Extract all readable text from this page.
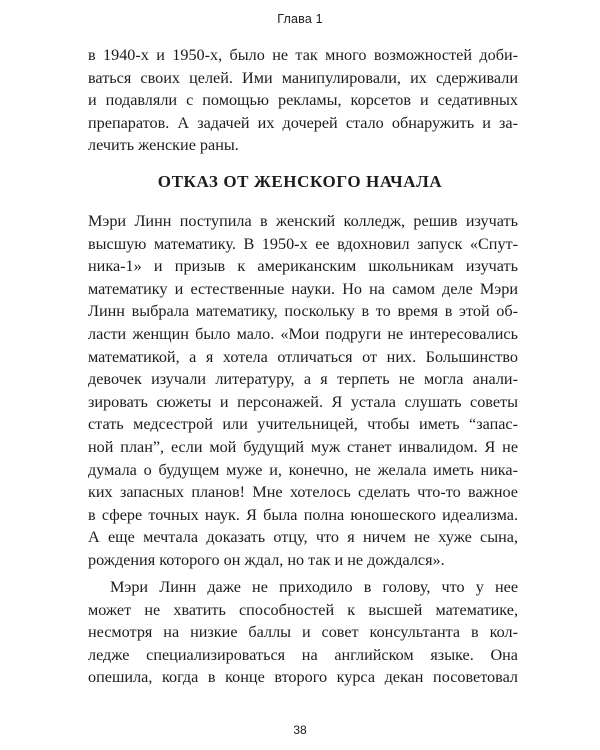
Глава 1
в 1940-х и 1950-х, было не так много возможностей доби-
ваться своих целей. Ими манипулировали, их сдерживали
и подавляли с помощью рекламы, корсетов и седативных
препаратов. А задачей их дочерей стало обнаружить и за-
лечить женские раны.
ОТКАЗ ОТ ЖЕНСКОГО НАЧАЛА
Мэри Линн поступила в женский колледж, решив изучать
высшую математику. В 1950-х ее вдохновил запуск «Спут-
ника-1» и призыв к американским школьникам изучать
математику и естественные науки. Но на самом деле Мэри
Линн выбрала математику, поскольку в то время в этой об-
ласти женщин было мало. «Мои подруги не интересовались
математикой, а я хотела отличаться от них. Большинство
девочек изучали литературу, а я терпеть не могла анали-
зировать сюжеты и персонажей. Я устала слушать советы
стать медсестрой или учительницей, чтобы иметь “запас-
ной план”, если мой будущий муж станет инвалидом. Я не
думала о будущем муже и, конечно, не желала иметь ника-
ких запасных планов! Мне хотелось сделать что-то важное
в сфере точных наук. Я была полна юношеского идеализма.
А еще мечтала доказать отцу, что я ничем не хуже сына,
рождения которого он ждал, но так и не дождался».
Мэри Линн даже не приходило в голову, что у нее
может не хватить способностей к высшей математике,
несмотря на низкие баллы и совет консультанта в кол-
ледже специализироваться на английском языке. Она
опешила, когда в конце второго курса декан посоветовал
38
